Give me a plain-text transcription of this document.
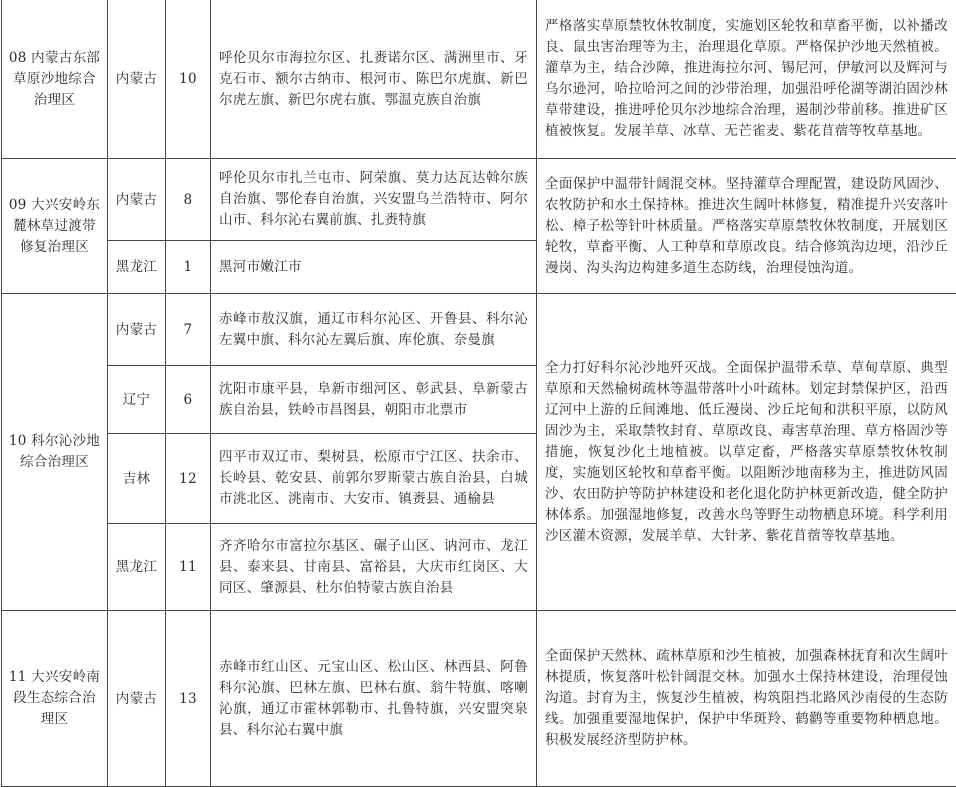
08 内蒙古东部草原沙地综合治理区	内蒙古	10	呼伦贝尔市海拉尔区、扎赉诺尔区、满洲里市、牙克石市、额尔古纳市、根河市、陈巴尔虎旗、新巴尔虎左旗、新巴尔虎右旗、鄂温克族自治旗	严格落实草原禁牧休牧制度，实施划区轮牧和草畜平衡，以补播改良、鼠虫害治理等为主，治理退化草原。严格保护沙地天然植被。灌草为主，结合沙障，推进海拉尔河、锡尼河，伊敏河以及辉河与乌尔逊河，哈拉哈河之间的沙带治理，加强沿呼伦湖等湖泊固沙林草带建设，推进呼伦贝尔沙地综合治理，遏制沙带前移。推进矿区植被恢复。发展羊草、冰草、无芒雀麦、紫花苜蓿等牧草基地。
09 大兴安岭东麓林草过渡带修复治理区	内蒙古	8	呼伦贝尔市扎兰屯市、阿荣旗、莫力达瓦达斡尔族自治旗、鄂伦春自治旗，兴安盟乌兰浩特市、阿尔山市、科尔沁右翼前旗、扎赉特旗	全面保护中温带针阔混交林。坚持灌草合理配置，建设防风固沙、农牧防护和水土保持林。推进次生阔叶林修复，精准提升兴安落叶松、樟子松等针叶林质量。严格落实草原禁牧休牧制度，开展划区轮牧，草畜平衡、人工种草和草原改良。结合修筑沟边埂，沿沙丘漫岗、沟头沟边构建多道生态防线，治理侵蚀沟道。
	黑龙江	1	黑河市嫩江市	
10 科尔沁沙地综合治理区	内蒙古	7	赤峰市敖汉旗，通辽市科尔沁区、开鲁县、科尔沁左翼中旗、科尔沁左翼后旗、库伦旗、奈曼旗	全力打好科尔沁沙地歼灭战。全面保护温带禾草、草甸草原、典型草原和天然榆树疏林等温带落叶小叶疏林。划定封禁保护区，沿西辽河中上游的丘间滩地、低丘漫岗、沙丘坨甸和洪积平原，以防风固沙为主，采取禁牧封育、草原改良、毒害草治理、草方格固沙等措施，恢复沙化土地植被。以草定畜，严格落实草原禁牧休牧制度，实施划区轮牧和草畜平衡。以阻断沙地南移为主，推进防风固沙、农田防护等防护林建设和老化退化防护林更新改造，健全防护林体系。加强湿地修复，改善水鸟等野生动物栖息环境。科学利用沙区灌木资源，发展羊草、大针茅、紫花苜蓿等牧草基地。
	辽宁	6	沈阳市康平县，阜新市细河区、彰武县、阜新蒙古族自治县，铁岭市昌图县，朝阳市北票市	
	吉林	12	四平市双辽市、梨树县，松原市宁江区、扶余市、长岭县、乾安县、前郭尔罗斯蒙古族自治县，白城市洮北区、洮南市、大安市、镇赉县、通榆县	
	黑龙江	11	齐齐哈尔市富拉尔基区、碾子山区、讷河市、龙江县、泰来县、甘南县、富裕县，大庆市红岗区、大同区、肇源县、杜尔伯特蒙古族自治县	
11 大兴安岭南段生态综合治理区	内蒙古	13	赤峰市红山区、元宝山区、松山区、林西县、阿鲁科尔沁旗、巴林左旗、巴林右旗、翁牛特旗、喀喇沁旗，通辽市霍林郭勒市、扎鲁特旗，兴安盟突泉县、科尔沁右翼中旗	全面保护天然林、疏林草原和沙生植被，加强森林抚育和次生阔叶林提质，恢复落叶松针阔混交林。加强水土保持林建设，治理侵蚀沟道。封育为主，恢复沙生植被，构筑阻挡北路风沙南侵的生态防线。加强重要湿地保护，保护中华斑羚、鹤鹳等重要物种栖息地。积极发展经济型防护林。
